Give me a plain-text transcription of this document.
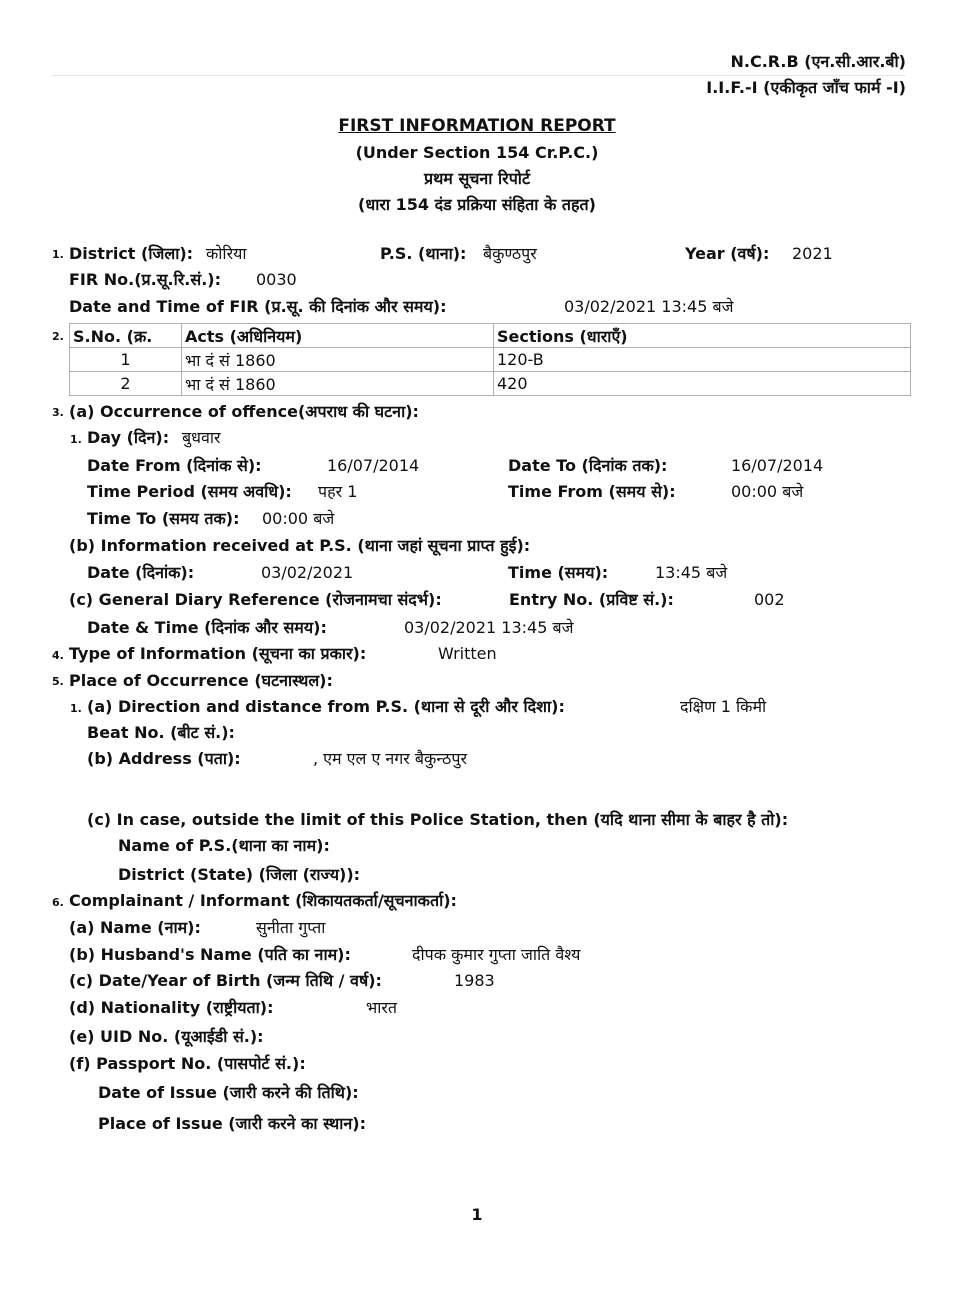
N.C.R.B (एन.सी.आर.बी)
I.I.F.-I (एकीकृत जाँच फार्म -I)
FIRST INFORMATION REPORT
(Under Section 154 Cr.P.C.)
प्रथम सूचना रिपोर्ट
(धारा 154 दंड प्रक्रिया संहिता के तहत)
1. District (जिला): कोरिया	P.S. (थाना): बैकुण्ठपुर	Year (वर्ष): 2021
FIR No.(प्र.सू.रि.सं.): 0030
Date and Time of FIR (प्र.सू. की दिनांक और समय):	03/02/2021 13:45 बजे
2. S.No. (क्र.	Acts (अधिनियम)	Sections (धाराएँ)
1	भा दं सं 1860	120-B
2	भा दं सं 1860	420
3. (a) Occurrence of offence(अपराध की घटना):
1. Day (दिन): बुधवार
Date From (दिनांक से):	16/07/2014	Date To (दिनांक तक):	16/07/2014
Time Period (समय अवधि): पहर 1	Time From (समय से):	00:00 बजे
Time To (समय तक): 00:00 बजे
(b) Information received at P.S. (थाना जहां सूचना प्राप्त हुई):
Date (दिनांक):	03/02/2021	Time (समय):	13:45 बजे
(c) General Diary Reference (रोजनामचा संदर्भ):	Entry No. (प्रविष्ट सं.):	002
Date & Time (दिनांक और समय):	03/02/2021 13:45 बजे
4. Type of Information (सूचना का प्रकार):	Written
5. Place of Occurrence (घटनास्थल):
1. (a) Direction and distance from P.S. (थाना से दूरी और दिशा):	दक्षिण 1 किमी
Beat No. (बीट सं.):
(b) Address (पता):	, एम एल ए नगर बैकुन्ठपुर
(c) In case, outside the limit of this Police Station, then (यदि थाना सीमा के बाहर है तो):
Name of P.S.(थाना का नाम):
District (State) (जिला (राज्य)):
6. Complainant / Informant (शिकायतकर्ता/सूचनाकर्ता):
(a) Name (नाम):	सुनीता गुप्ता
(b) Husband's Name (पति का नाम):	दीपक कुमार गुप्ता जाति वैश्य
(c) Date/Year of Birth (जन्म तिथि / वर्ष):	1983
(d) Nationality (राष्ट्रीयता):	भारत
(e) UID No. (यूआईडी सं.):
(f) Passport No. (पासपोर्ट सं.):
Date of Issue (जारी करने की तिथि):
Place of Issue (जारी करने का स्थान):
1
